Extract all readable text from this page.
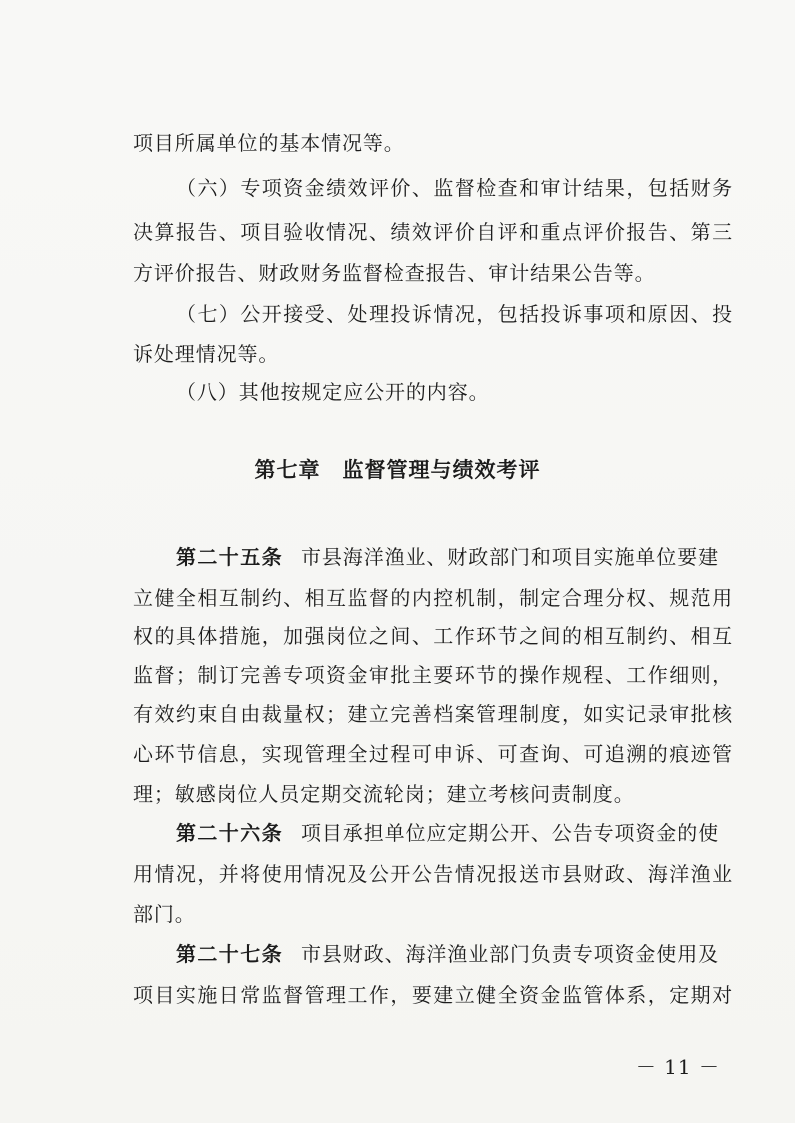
项目所属单位的基本情况等。
（六）专项资金绩效评价、监督检查和审计结果，包括财务
决算报告、项目验收情况、绩效评价自评和重点评价报告、第三
方评价报告、财政财务监督检查报告、审计结果公告等。
（七）公开接受、处理投诉情况，包括投诉事项和原因、投
诉处理情况等。
（八）其他按规定应公开的内容。
第七章　监督管理与绩效考评
第二十五条 市县海洋渔业、财政部门和项目实施单位要建
立健全相互制约、相互监督的内控机制，制定合理分权、规范用
权的具体措施，加强岗位之间、工作环节之间的相互制约、相互
监督；制订完善专项资金审批主要环节的操作规程、工作细则，
有效约束自由裁量权；建立完善档案管理制度，如实记录审批核
心环节信息，实现管理全过程可申诉、可查询、可追溯的痕迹管
理；敏感岗位人员定期交流轮岗；建立考核问责制度。
第二十六条 项目承担单位应定期公开、公告专项资金的使
用情况，并将使用情况及公开公告情况报送市县财政、海洋渔业
部门。
第二十七条 市县财政、海洋渔业部门负责专项资金使用及
项目实施日常监督管理工作，要建立健全资金监管体系，定期对
－ 11 －
